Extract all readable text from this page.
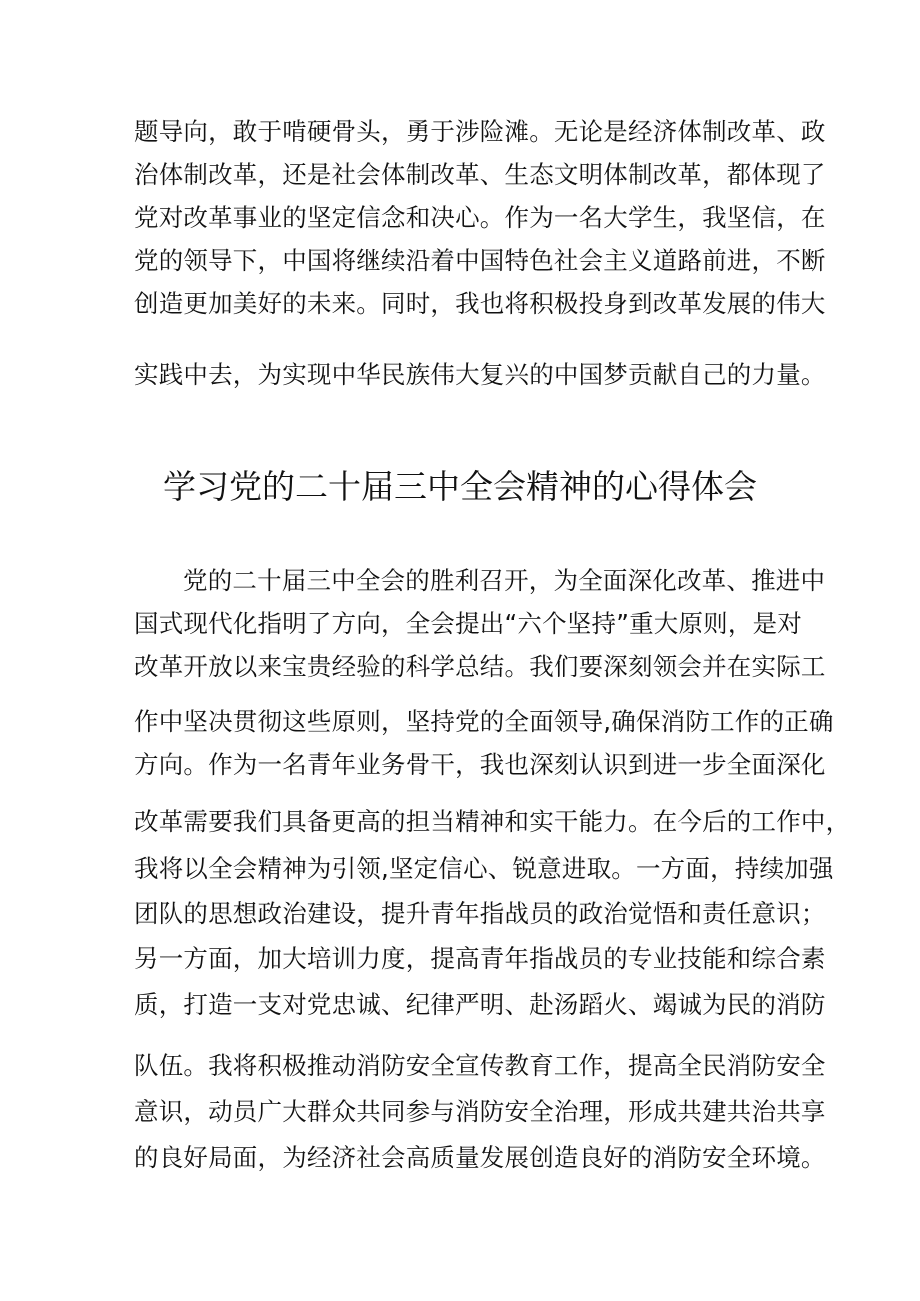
题导向，敢于啃硬骨头，勇于涉险滩。无论是经济体制改革、政
治体制改革，还是社会体制改革、生态文明体制改革，都体现了
党对改革事业的坚定信念和决心。作为一名大学生，我坚信，在
党的领导下，中国将继续沿着中国特色社会主义道路前进，不断
创造更加美好的未来。同时，我也将积极投身到改革发展的伟大
实践中去，为实现中华民族伟大复兴的中国梦贡献自己的力量。
学习党的二十届三中全会精神的心得体会
党的二十届三中全会的胜利召开，为全面深化改革、推进中
国式现代化指明了方向，全会提出“六个坚持”重大原则，是对
改革开放以来宝贵经验的科学总结。我们要深刻领会并在实际工
作中坚决贯彻这些原则，坚持党的全面领导,确保消防工作的正确
方向。作为一名青年业务骨干，我也深刻认识到进一步全面深化
改革需要我们具备更高的担当精神和实干能力。在今后的工作中，
我将以全会精神为引领,坚定信心、锐意进取。一方面，持续加强
团队的思想政治建设，提升青年指战员的政治觉悟和责任意识；
另一方面，加大培训力度，提高青年指战员的专业技能和综合素
质，打造一支对党忠诚、纪律严明、赴汤蹈火、竭诚为民的消防
队伍。我将积极推动消防安全宣传教育工作，提高全民消防安全
意识，动员广大群众共同参与消防安全治理，形成共建共治共享
的良好局面，为经济社会高质量发展创造良好的消防安全环境。
